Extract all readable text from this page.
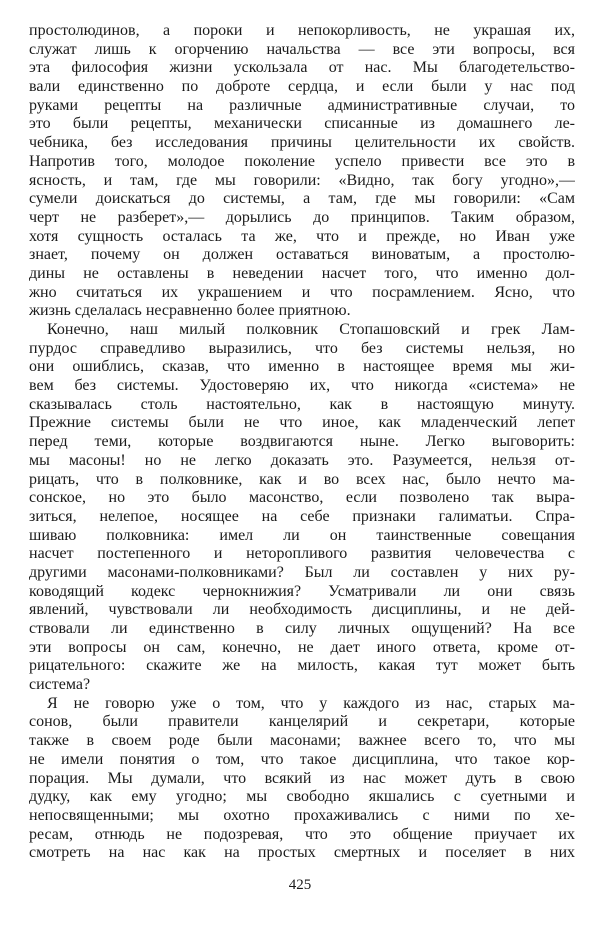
простолюдинов, а пороки и непокорливость, не украшая их,
служат лишь к огорчению начальства — все эти вопросы, вся
эта философия жизни ускользала от нас. Мы благодетельство-
вали единственно по доброте сердца, и если были у нас под
руками рецепты на различные административные случаи, то
это были рецепты, механически списанные из домашнего ле-
чебника, без исследования причины целительности их свойств.
Напротив того, молодое поколение успело привести все это в
ясность, и там, где мы говорили: «Видно, так богу угодно»,—
сумели доискаться до системы, а там, где мы говорили: «Сам
черт не разберет»,— дорылись до принципов. Таким образом,
хотя сущность осталась та же, что и прежде, но Иван уже
знает, почему он должен оставаться виноватым, а простолю-
дины не оставлены в неведении насчет того, что именно дол-
жно считаться их украшением и что посрамлением. Ясно, что
жизнь сделалась несравненно более приятною.
Конечно, наш милый полковник Стопашовский и грек Лам-
пурдос справедливо выразились, что без системы нельзя, но
они ошиблись, сказав, что именно в настоящее время мы жи-
вем без системы. Удостоверяю их, что никогда «система» не
сказывалась столь настоятельно, как в настоящую минуту.
Прежние системы были не что иное, как младенческий лепет
перед теми, которые воздвигаются ныне. Легко выговорить:
мы масоны! но не легко доказать это. Разумеется, нельзя от-
рицать, что в полковнике, как и во всех нас, было нечто ма-
сонское, но это было масонство, если позволено так выра-
зиться, нелепое, носящее на себе признаки галиматьи. Спра-
шиваю полковника: имел ли он таинственные совещания
насчет постепенного и неторопливого развития человечества с
другими масонами-полковниками? Был ли составлен у них ру-
ководящий кодекс чернокнижия? Усматривали ли они связь
явлений, чувствовали ли необходимость дисциплины, и не дей-
ствовали ли единственно в силу личных ощущений? На все
эти вопросы он сам, конечно, не дает иного ответа, кроме от-
рицательного: скажите же на милость, какая тут может быть
система?
Я не говорю уже о том, что у каждого из нас, старых ма-
сонов, были правители канцелярий и секретари, которые
также в своем роде были масонами; важнее всего то, что мы
не имели понятия о том, что такое дисциплина, что такое кор-
порация. Мы думали, что всякий из нас может дуть в свою
дудку, как ему угодно; мы свободно якшались с суетными и
непосвященными; мы охотно прохаживались с ними по хе-
ресам, отнюдь не подозревая, что это общение приучает их
смотреть на нас как на простых смертных и поселяет в них
425
